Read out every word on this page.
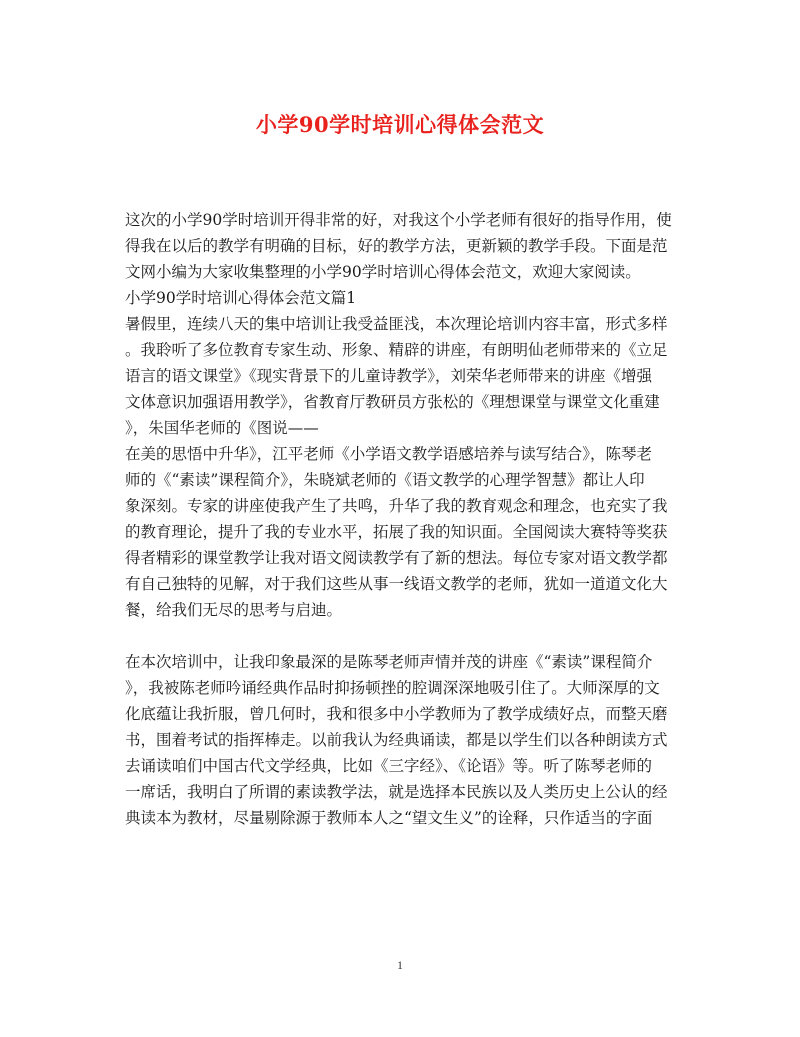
小学90学时培训心得体会范文
这次的小学90学时培训开得非常的好，对我这个小学老师有很好的指导作用，使
得我在以后的教学有明确的目标，好的教学方法，更新颖的教学手段。下面是范
文网小编为大家收集整理的小学90学时培训心得体会范文，欢迎大家阅读。
小学90学时培训心得体会范文篇1
暑假里，连续八天的集中培训让我受益匪浅，本次理论培训内容丰富，形式多样
。我聆听了多位教育专家生动、形象、精辟的讲座，有朗明仙老师带来的《立足
语言的语文课堂》《现实背景下的儿童诗教学》，刘荣华老师带来的讲座《增强
文体意识加强语用教学》，省教育厅教研员方张松的《理想课堂与课堂文化重建
》，朱国华老师的《图说——
在美的思悟中升华》，江平老师《小学语文教学语感培养与读写结合》，陈琴老
师的《“素读”课程简介》，朱晓斌老师的《语文教学的心理学智慧》都让人印
象深刻。专家的讲座使我产生了共鸣，升华了我的教育观念和理念，也充实了我
的教育理论，提升了我的专业水平，拓展了我的知识面。全国阅读大赛特等奖获
得者精彩的课堂教学让我对语文阅读教学有了新的想法。每位专家对语文教学都
有自己独特的见解，对于我们这些从事一线语文教学的老师，犹如一道道文化大
餐，给我们无尽的思考与启迪。
在本次培训中，让我印象最深的是陈琴老师声情并茂的讲座《“素读”课程简介
》，我被陈老师吟诵经典作品时抑扬顿挫的腔调深深地吸引住了。大师深厚的文
化底蕴让我折服，曾几何时，我和很多中小学教师为了教学成绩好点，而整天磨
书，围着考试的指挥棒走。以前我认为经典诵读，都是以学生们以各种朗读方式
去诵读咱们中国古代文学经典，比如《三字经》、《论语》等。听了陈琴老师的
一席话，我明白了所谓的素读教学法，就是选择本民族以及人类历史上公认的经
典读本为教材，尽量剔除源于教师本人之“望文生义”的诠释，只作适当的字面
1
